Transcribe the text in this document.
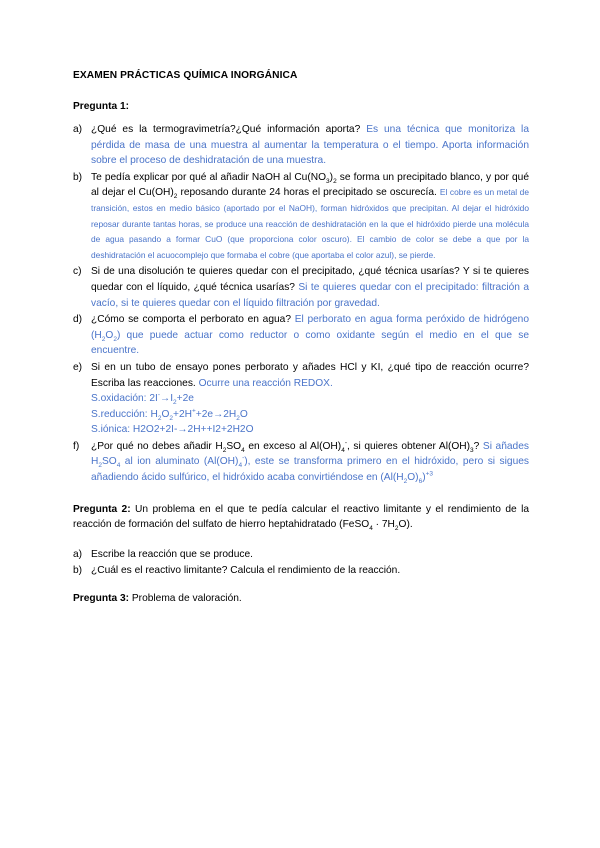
EXAMEN PRÁCTICAS QUÍMICA INORGÁNICA
Pregunta 1:
a) ¿Qué es la termogravimetría?¿Qué información aporta? Es una técnica que monitoriza la pérdida de masa de una muestra al aumentar la temperatura o el tiempo. Aporta información sobre el proceso de deshidratación de una muestra.
b) Te pedía explicar por qué al añadir NaOH al $Cu(NO_3)_2$ se forma un precipitado blanco, y por qué al dejar el $Cu(OH)_2$ reposando durante 24 horas el precipitado se oscurecía. El cobre es un metal de transición, estos en medio básico (aportado por el NaOH), forman hidróxidos que precipitan. Al dejar el hidróxido reposar durante tantas horas, se produce una reacción de deshidratación en la que el hidróxido pierde una molécula de agua pasando a formar CuO (que proporciona color oscuro). El cambio de color se debe a que por la deshidratación el acuocomplejo que formaba el cobre (que aportaba el color azul), se pierde.
c) Si de una disolución te quieres quedar con el precipitado, ¿qué técnica usarías? Y si te quieres quedar con el líquido, ¿qué técnica usarías? Si te quieres quedar con el precipitado: filtración a vacío, si te quieres quedar con el líquido filtración por gravedad.
d) ¿Cómo se comporta el perborato en agua? El perborato en agua forma peróxido de hidrógeno $(H_2O_2)$ que puede actuar como reductor o como oxidante según el medio en el que se encuentre.
e) Si en un tubo de ensayo pones perborato y añades HCl y KI, ¿qué tipo de reacción ocurre? Escriba las reacciones. Ocurre una reacción REDOX.
S.oxidación: $2I^-\to I_2+2e$
S.reducción: $H_2O_2+2H^++2e\to 2H_2O$
S.iónica: H2O2+2I-→2H++I2+2H2O
f) ¿Por qué no debes añadir $H_2SO_4$ en exceso al $Al(OH)_4^-$, si quieres obtener $Al(OH)_3$? Si añades $H_2SO_4$ al ion aluminato $(Al(OH)_4^-)$, este se transforma primero en el hidróxido, pero si sigues añadiendo ácido sulfúrico, el hidróxido acaba convirtiéndose en $(Al(H_2O)_6)^{+3}$
Pregunta 2: Un problema en el que te pedía calcular el reactivo limitante y el rendimiento de la reacción de formación del sulfato de hierro heptahidratado (FeSO$_4$ · $7H_2O$).
a) Escribe la reacción que se produce.
b) ¿Cuál es el reactivo limitante? Calcula el rendimiento de la reacción.
Pregunta 3: Problema de valoración.
